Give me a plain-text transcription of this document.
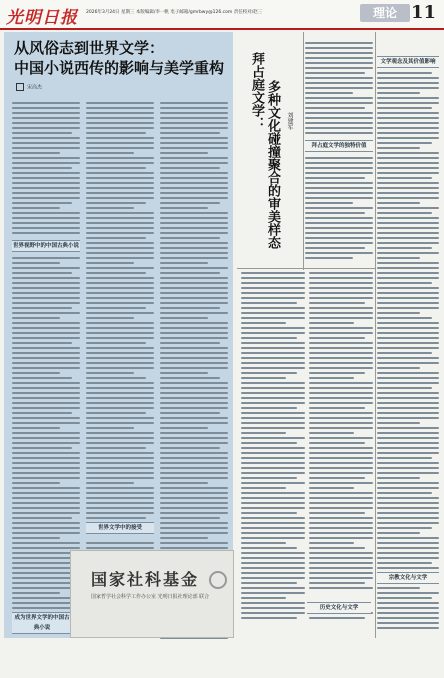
光明日报 2026年3月24日 星期三 本版编辑/李一帆 电子邮箱/gmrbwy@126.com 责任校对/赵三	理论 11
从风俗志到世界文学：
中国小说西传的影响与美学重构
宋高杰
世界视野中的中国古典小说
世界文学中的接受
成为世界文学的中国古典小说
国家社科基金
国家哲学社会科学工作办公室 光明日报社理论部 联合
拜占庭文学： 多种文化碰撞聚合的审美样态	刘建军
拜占庭文学的独特价值
历史文化与文学
文学观念及其价值影响
宗教文化与文学
